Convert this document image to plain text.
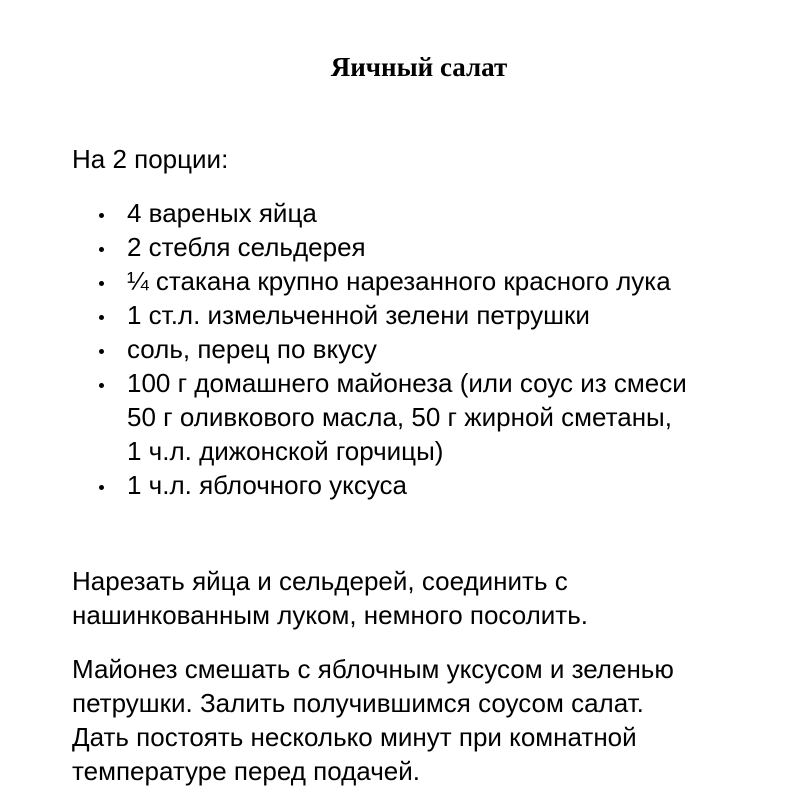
Яичный салат

На 2 порции:

4 вареных яйца
2 стебля сельдерея
¼ стакана крупно нарезанного красного лука
1 ст.л. измельченной зелени петрушки
соль, перец по вкусу
100 г домашнего майонеза (или соус из смеси
50 г оливкового масла, 50 г жирной сметаны,
1 ч.л. дижонской горчицы)
1 ч.л. яблочного уксуса

Нарезать яйца и сельдерей, соединить с
нашинкованным луком, немного посолить.

Майонез смешать с яблочным уксусом и зеленью
петрушки. Залить получившимся соусом салат.
Дать постоять несколько минут при комнатной
температуре перед подачей.
